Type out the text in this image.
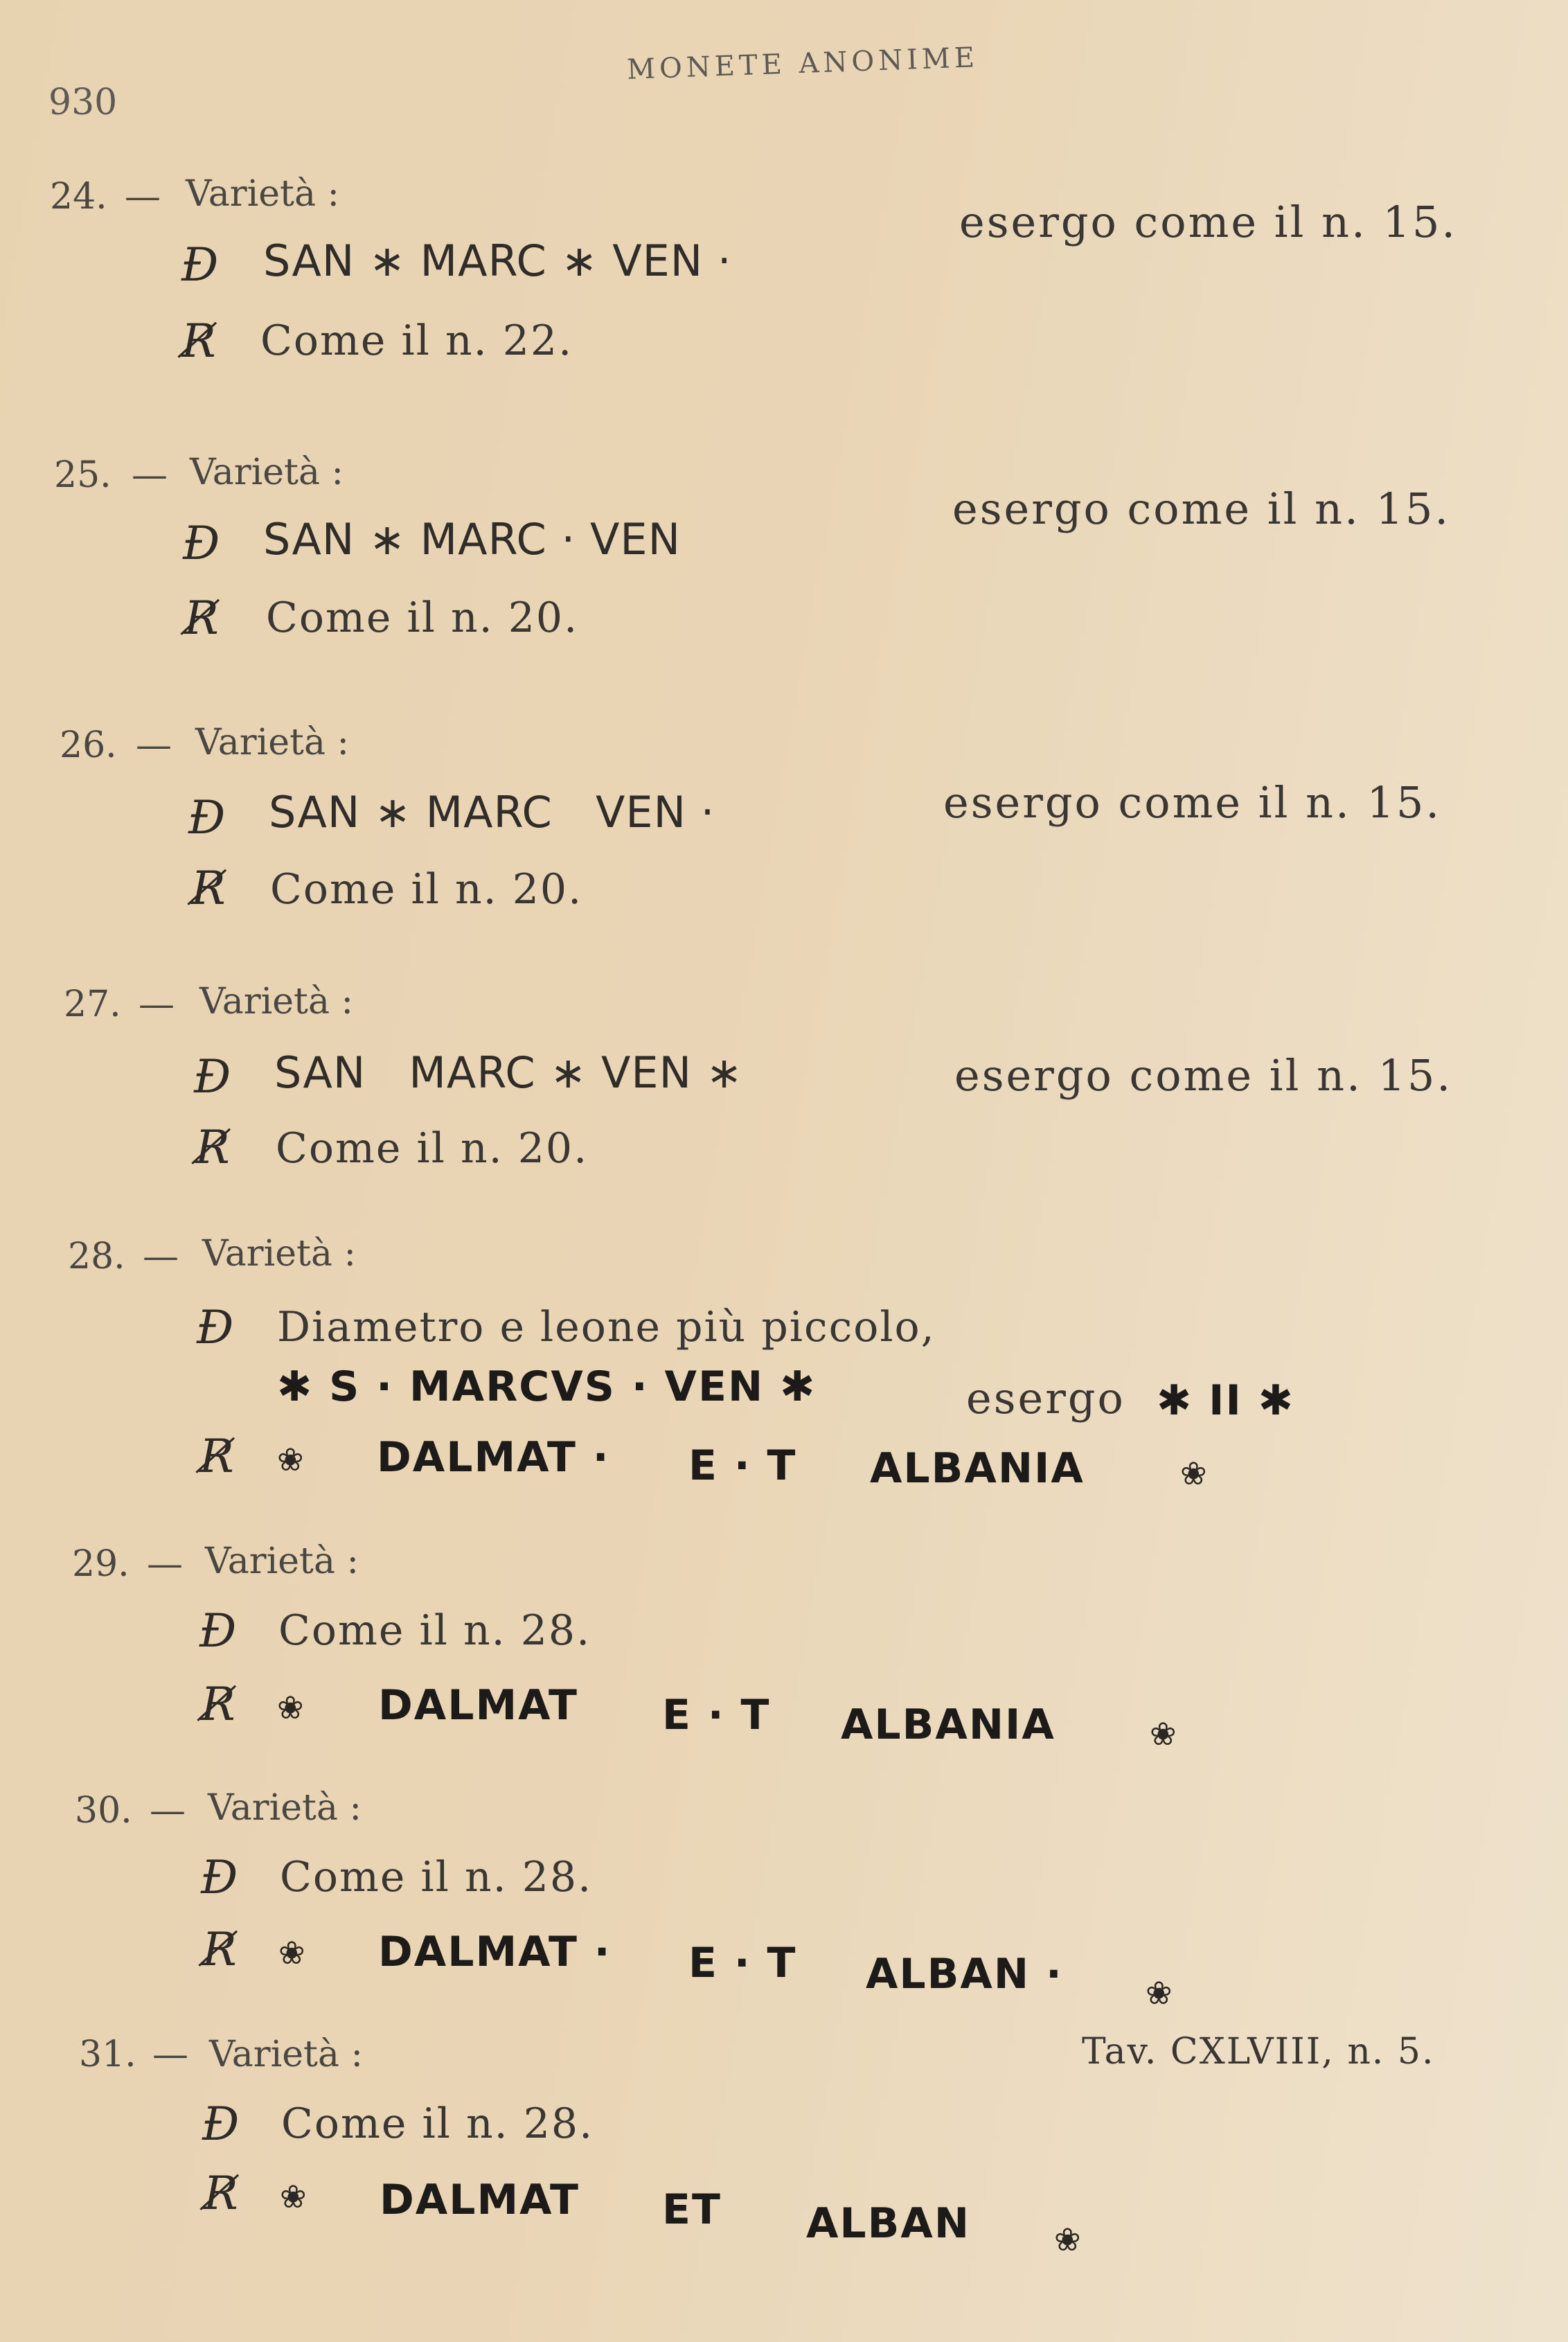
930
MONETE ANONIME
24. — Varietà :
Ð SAN ∗ MARC ∗ VEN ·
esergo come il n. 15.
R̸ Come il n. 22.
25. — Varietà :
Ð SAN ∗ MARC · VEN
esergo come il n. 15.
R̸ Come il n. 20.
26. — Varietà :
Ð SAN ∗ MARC   VEN ·	esergo come il n. 15.
R̸ Come il n. 20.
27. — Varietà :
Ð SAN   MARC ∗ VEN ∗	esergo come il n. 15.
R̸ Come il n. 20.
28. — Varietà :
Ð Diametro e leone più piccolo,
✱ S · MARCVS · VEN ✱	esergo ✱ II ✱
R̸ ❀ DALMAT · E · T ALBANIA	❀
29. — Varietà :
Ð Come il n. 28.
R̸ ❀ DALMAT E · T ALBANIA	❀
30. — Varietà :
Ð Come il n. 28.
R̸ ❀ DALMAT · E · T ALBAN ·	❀
31. — Varietà :	Tav. CXLVIII, n. 5.
Ð Come il n. 28.
R̸ ❀ DALMAT ET ALBAN	❀
